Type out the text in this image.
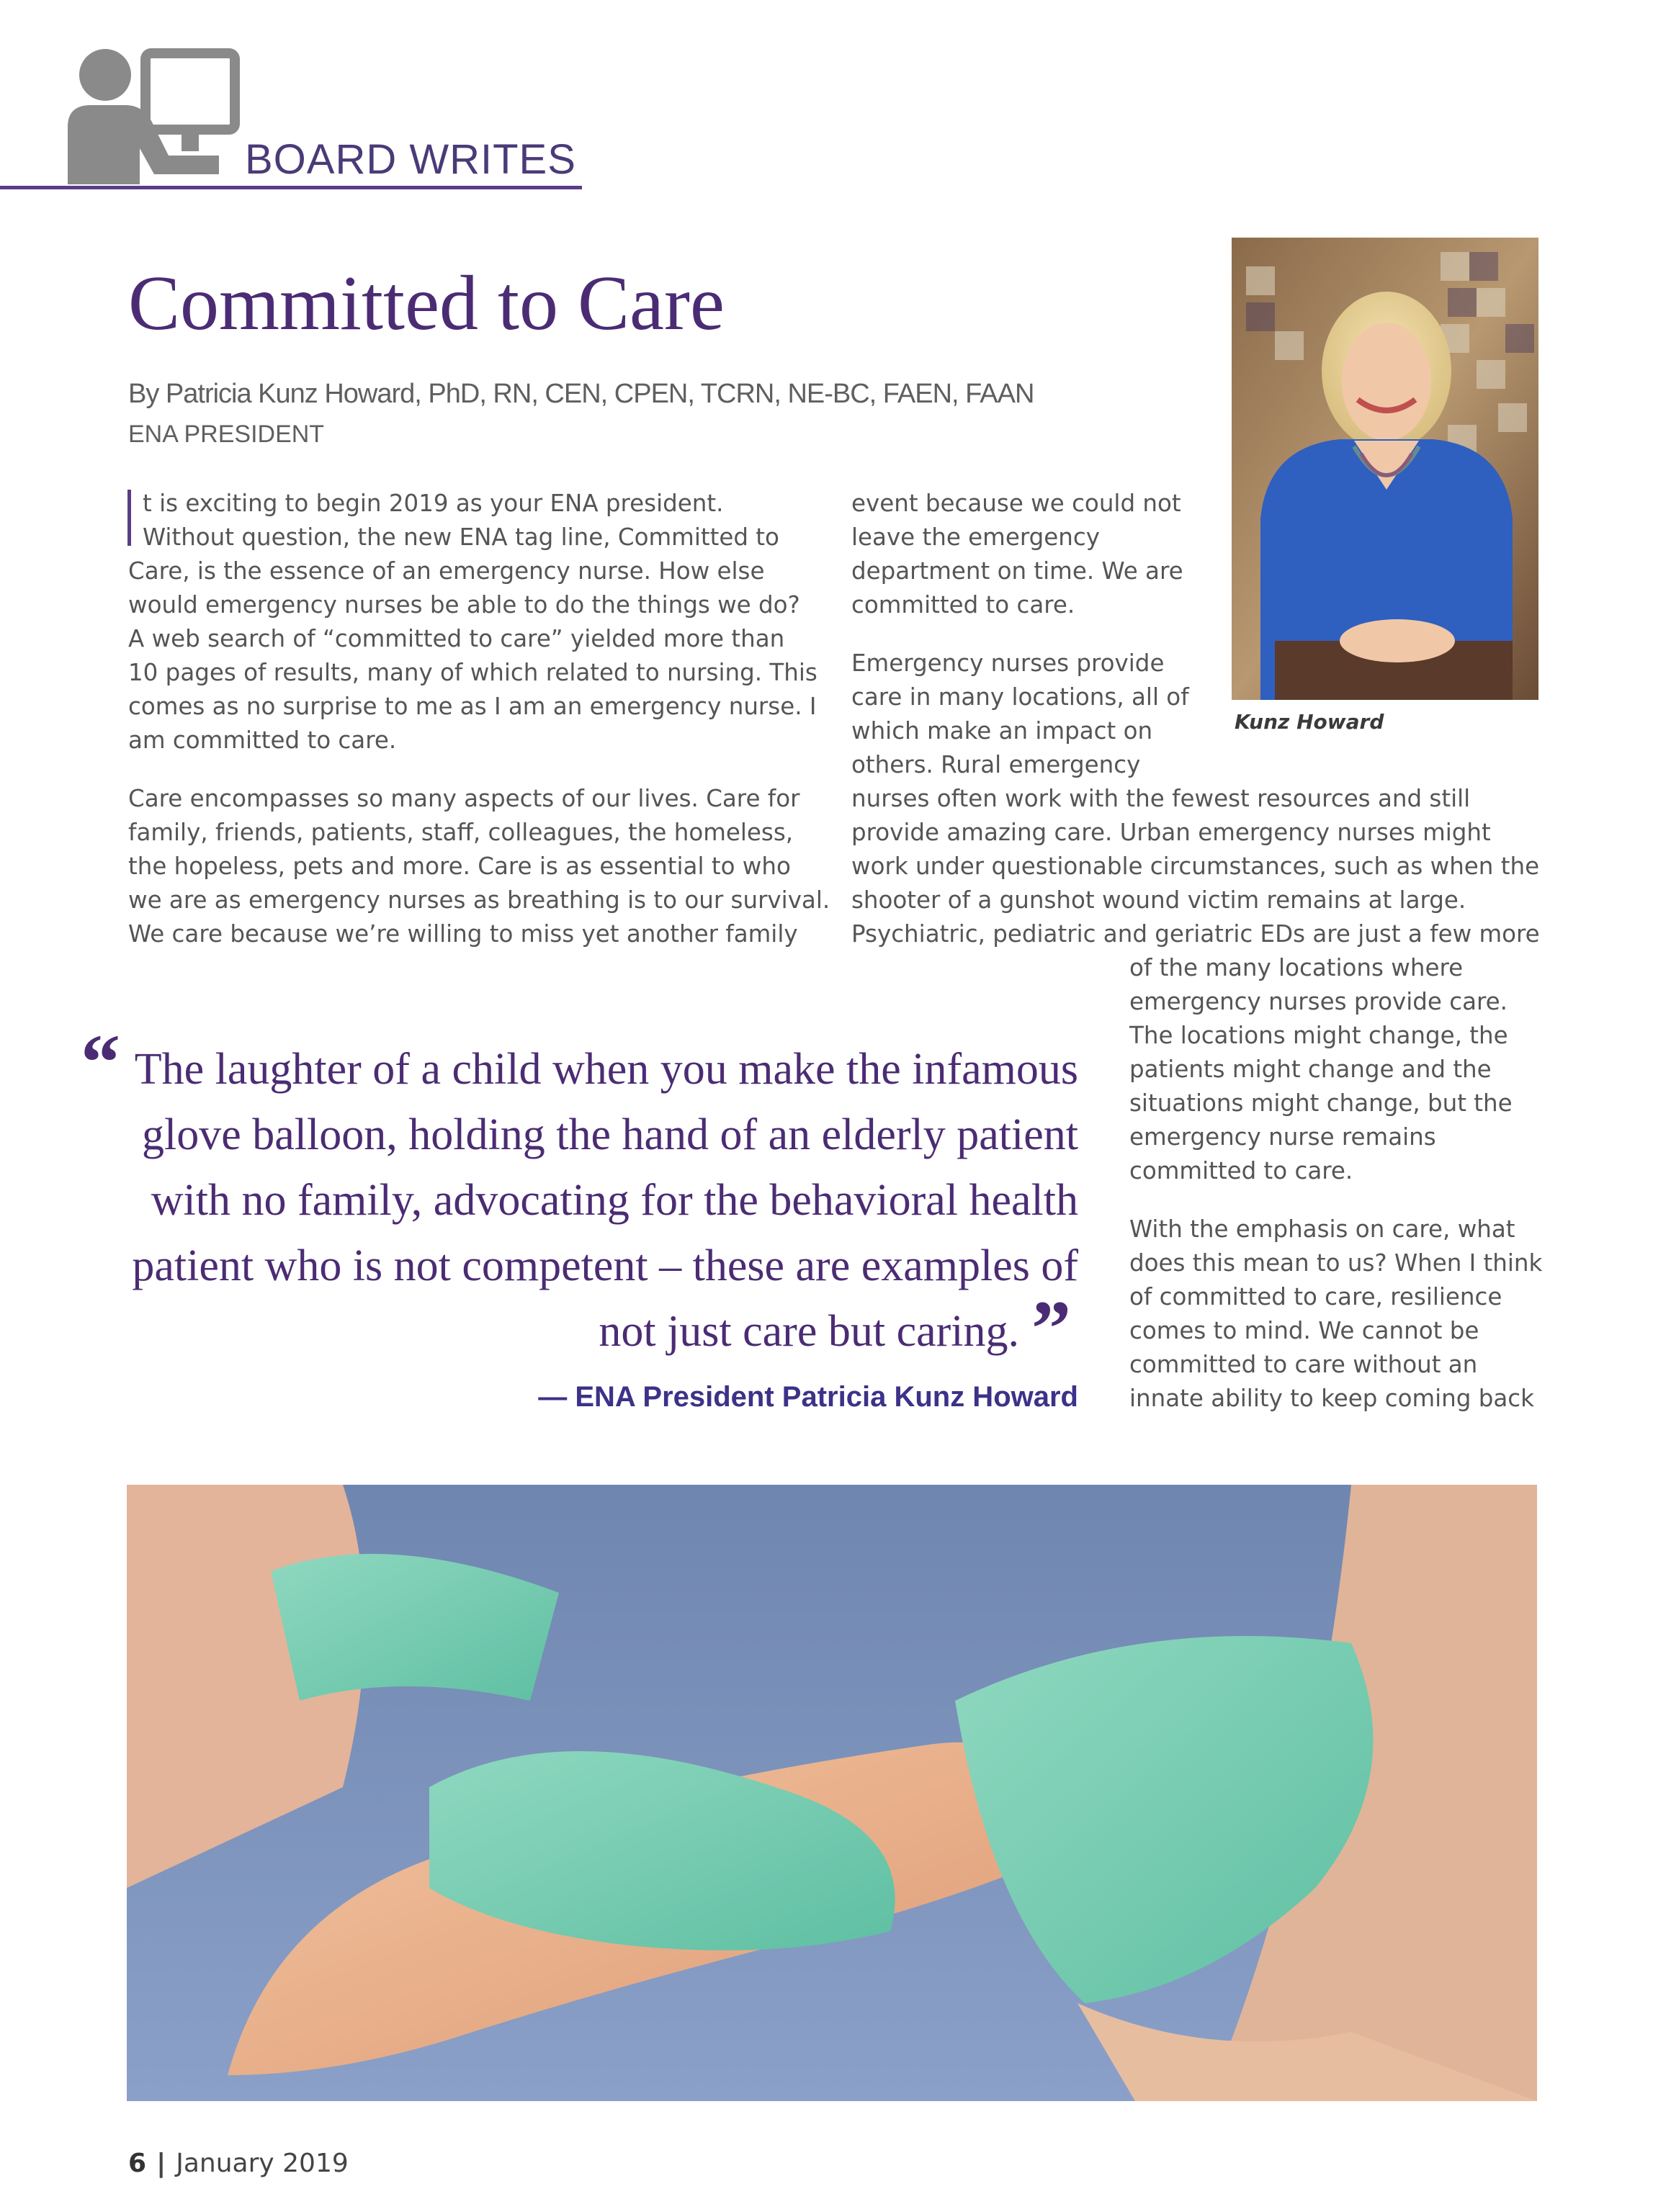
BOARD WRITES
Committed to Care
By Patricia Kunz Howard, PhD, RN, CEN, CPEN, TCRN, NE-BC, FAEN, FAAN
ENA PRESIDENT
t is exciting to begin 2019 as your ENA president.
Without question, the new ENA tag line, Committed to
Care, is the essence of an emergency nurse. How else
would emergency nurses be able to do the things we do?
A web search of “committed to care” yielded more than
10 pages of results, many of which related to nursing. This
comes as no surprise to me as I am an emergency nurse. I
am committed to care.
Care encompasses so many aspects of our lives. Care for
family, friends, patients, staff, colleagues, the homeless,
the hopeless, pets and more. Care is as essential to who
we are as emergency nurses as breathing is to our survival.
We care because we’re willing to miss yet another family
event because we could not
leave the emergency
department on time. We are
committed to care.
Emergency nurses provide
care in many locations, all of
which make an impact on
others. Rural emergency
nurses often work with the fewest resources and still
provide amazing care. Urban emergency nurses might
work under questionable circumstances, such as when the
shooter of a gunshot wound victim remains at large.
Psychiatric, pediatric and geriatric EDs are just a few more
of the many locations where
emergency nurses provide care.
The locations might change, the
patients might change and the
situations might change, but the
emergency nurse remains
committed to care.
With the emphasis on care, what
does this mean to us? When I think
of committed to care, resilience
comes to mind. We cannot be
committed to care without an
innate ability to keep coming back
Kunz Howard
“ The laughter of a child when you make the infamous
glove balloon, holding the hand of an elderly patient
with no family, advocating for the behavioral health
patient who is not competent – these are examples of
not just care but caring. ”
— ENA President Patricia Kunz Howard
6 | January 2019
